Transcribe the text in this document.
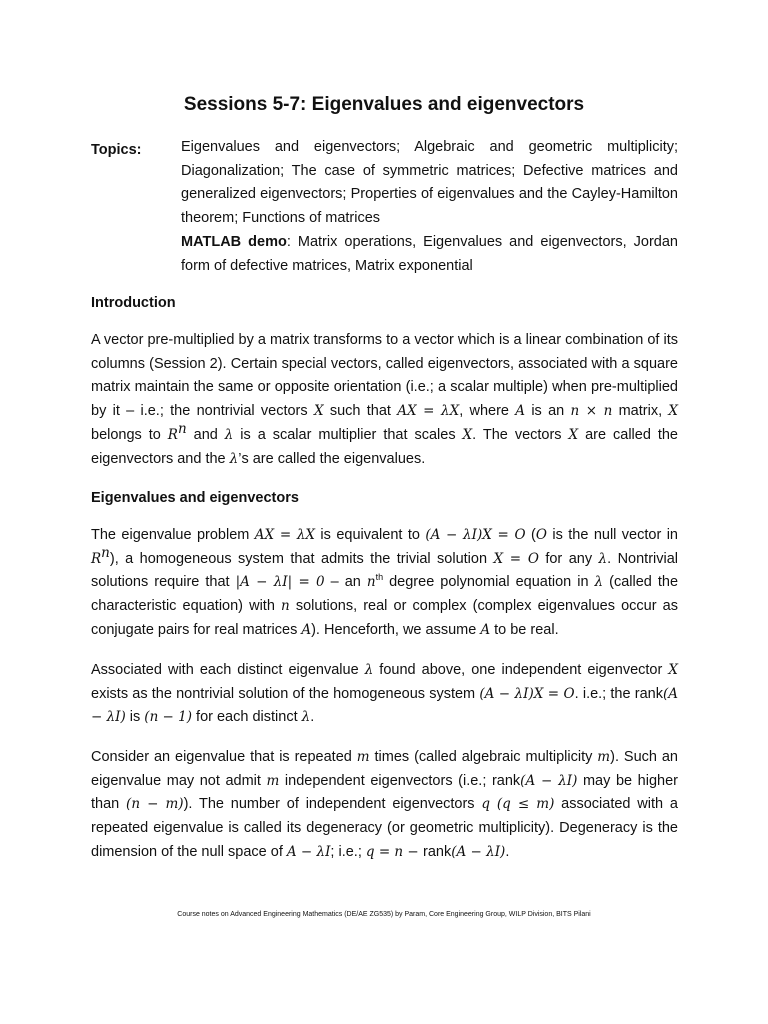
Sessions 5-7: Eigenvalues and eigenvectors
Topics:	Eigenvalues and eigenvectors; Algebraic and geometric multiplicity; Diagonalization; The case of symmetric matrices; Defective matrices and generalized eigenvectors; Properties of eigenvalues and the Cayley-Hamilton theorem; Functions of matrices

MATLAB demo: Matrix operations, Eigenvalues and eigenvectors, Jordan form of defective matrices, Matrix exponential

Introduction

A vector pre-multiplied by a matrix transforms to a vector which is a linear combination of its columns (Session 2). Certain special vectors, called eigenvectors, associated with a square matrix maintain the same or opposite orientation (i.e.; a scalar multiple) when pre-multiplied by it – i.e.; the nontrivial vectors X such that AX = λX, where A is an n × n matrix, X belongs to $R^n$ and λ is a scalar multiplier that scales X. The vectors X are called the eigenvectors and the λ’s are called the eigenvalues.

Eigenvalues and eigenvectors

The eigenvalue problem AX = λX is equivalent to (A − λI)X = O (O is the null vector in $R^n$), a homogeneous system that admits the trivial solution X = O for any λ. Nontrivial solutions require that |A − λI| = 0 – an $n^{th}$ degree polynomial equation in λ (called the characteristic equation) with n solutions, real or complex (complex eigenvalues occur as conjugate pairs for real matrices A). Henceforth, we assume A to be real.

Associated with each distinct eigenvalue λ found above, one independent eigenvector X exists as the nontrivial solution of the homogeneous system (A − λI)X = O. i.e.; the rank(A − λI) is (n − 1) for each distinct λ.

Consider an eigenvalue that is repeated m times (called algebraic multiplicity m). Such an eigenvalue may not admit m independent eigenvectors (i.e.; rank(A − λI) may be higher than (n − m)). The number of independent eigenvectors q (q ≤ m) associated with a repeated eigenvalue is called its degeneracy (or geometric multiplicity). Degeneracy is the dimension of the null space of A − λI; i.e.; q = n − rank(A − λI).

Course notes on Advanced Engineering Mathematics (DE/AE ZG535) by Param, Core Engineering Group, WILP Division, BITS Pilani
